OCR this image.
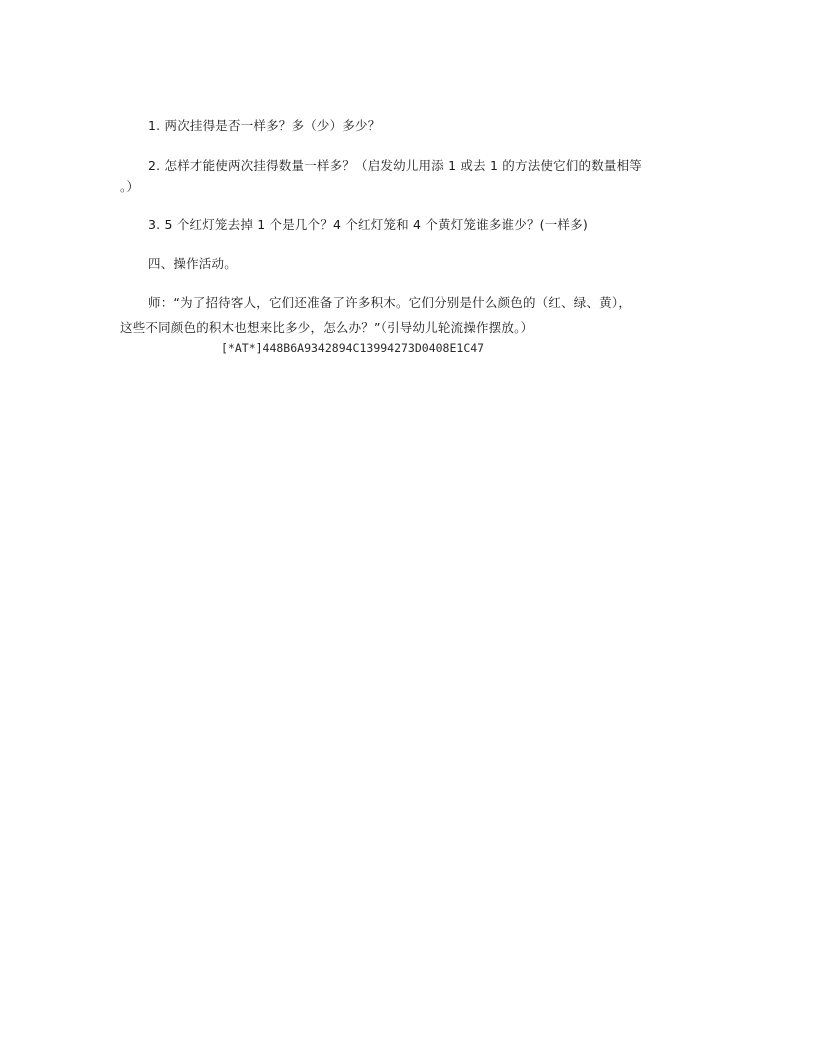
1. 两次挂得是否一样多？多（少）多少？
2. 怎样才能使两次挂得数量一样多？（启发幼儿用添 1 或去 1 的方法使它们的数量相等
。）
3. 5 个红灯笼去掉 1 个是几个？4 个红灯笼和 4 个黄灯笼谁多谁少？(一样多)
四、操作活动。
师：“为了招待客人，它们还准备了许多积木。它们分别是什么颜色的（红、绿、黄），
这些不同颜色的积木也想来比多少，怎么办？”（引导幼儿轮流操作摆放。）
[*AT*]448B6A9342894C13994273D0408E1C47
